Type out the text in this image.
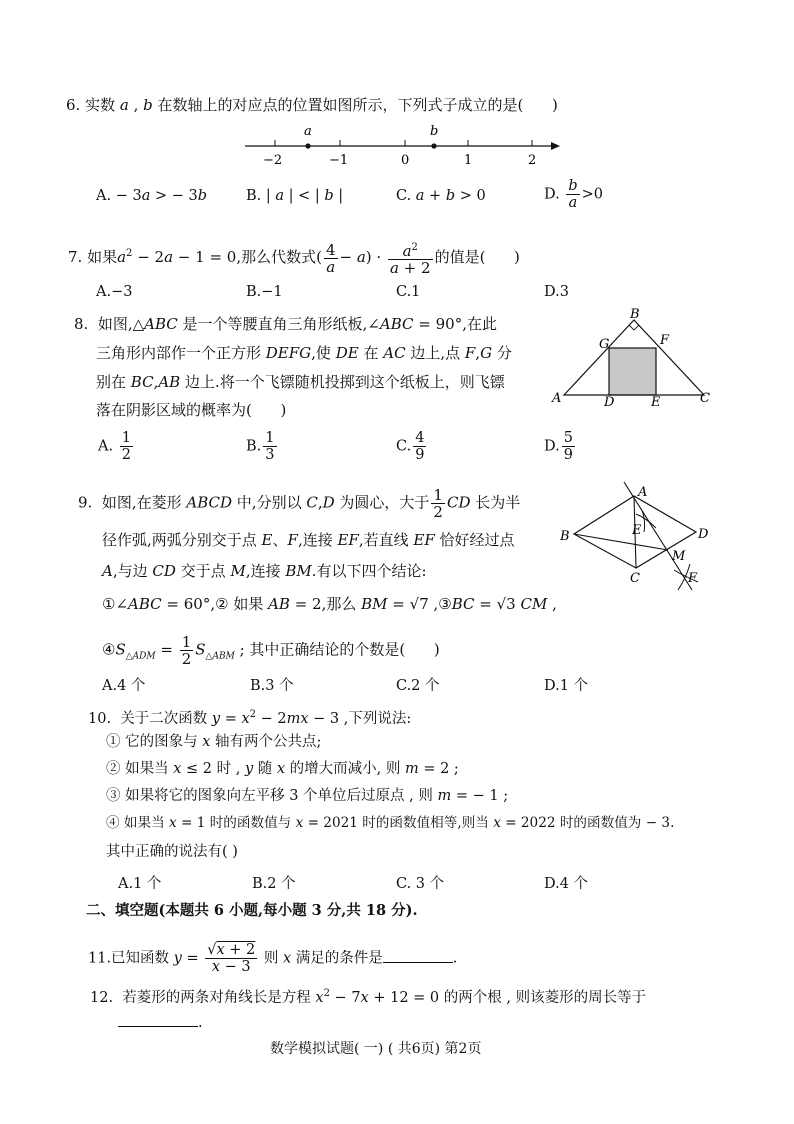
6. 实数 a , b 在数轴上的对应点的位置如图所示，下列式子成立的是(      )
a	b
−2	−1	0	1	2
A. − 3a > − 3b	B. | a | < | b |	C. a + b > 0	D. $\frac{b}{a} >0$
7. 如果$a^2 - 2a - 1 = 0$,那么代数式( $\frac{4}{a} - a) \cdot \frac{a^2}{a + 2}$ 的值是(      )
A.−3	B.−1	C.1	D.3
8.  如图,△ABC 是一个等腰直角三角形纸板,∠ABC = 90°,在此
三角形内部作一个正方形 DEFG,使 DE 在 AC 边上,点 F,G 分
别在 BC,AB 边上.将一个飞镖随机投掷到这个纸板上，则飞镖
落在阴影区域的概率为(      )
B
G	F
A	D	E	C
A. $\frac{1}{2}$	B. $\frac{1}{3}$	C. $\frac{4}{9}$	D. $\frac{5}{9}$
9.  如图,在菱形 ABCD 中,分别以 C,D 为圆心，大于 $\frac{1}{2}$ CD 长为半
径作弧,两弧分别交于点 E、F,连接 EF,若直线 EF 恰好经过点
A,与边 CD 交于点 M,连接 BM.有以下四个结论:
①∠ABC = 60°,② 如果 AB = 2,那么 BM = √7 ,③BC = √3 CM ,
$④S_{\triangle ADM} = \frac{1}{2} S_{\triangle ABM}$ ; 其中正确结论的个数是(      )
A
E
B	D
M
C	F
A.4 个	B.3 个	C.2 个	D.1 个
10.  关于二次函数 $y = x^2 - 2mx - 3$ ,下列说法:
① 它的图象与 x 轴有两个公共点;
② 如果当 x ≤ 2 时 , y 随 x 的增大而减小, 则 m = 2 ;
③ 如果将它的图象向左平移 3 个单位后过原点 , 则 m = − 1 ;
④ 如果当 x = 1 时的函数值与 x = 2021 时的函数值相等,则当 x = 2022 时的函数值为 − 3.
其中正确的说法有( )
A.1 个	B.2 个	C. 3 个	D.4 个
二、填空题(本题共 6 小题,每小题 3 分,共 18 分).
11.已知函数 $y = \frac{√x + 2}{x - 3}$ 则 x 满足的条件是	.
12.  若菱形的两条对角线长是方程 $x^2 - 7x + 12 = 0$ 的两个根 , 则该菱形的周长等于
.
数学模拟试题( 一) ( 共6页) 第2页
